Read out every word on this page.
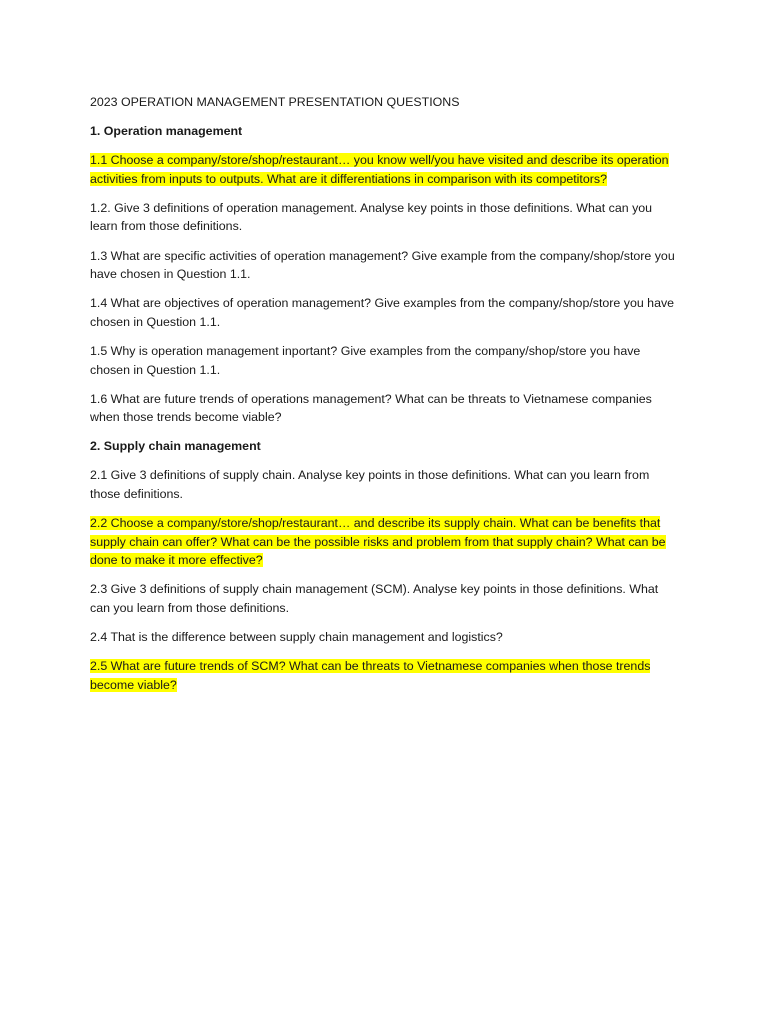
2023 OPERATION MANAGEMENT PRESENTATION QUESTIONS

1. Operation management

1.1 Choose a company/store/shop/restaurant… you know well/you have visited and describe its operation activities from inputs to outputs. What are it differentiations in comparison with its competitors?

1.2. Give 3 definitions of operation management. Analyse key points in those definitions. What can you learn from those definitions.

1.3 What are specific activities of operation management? Give example from the company/shop/store you have chosen in Question 1.1.

1.4 What are objectives of operation management? Give examples from the company/shop/store you have chosen in Question 1.1.

1.5 Why is operation management inportant? Give examples from the company/shop/store you have chosen in Question 1.1.

1.6 What are future trends of operations management? What can be threats to Vietnamese companies when those trends become viable?

2. Supply chain management

2.1 Give 3 definitions of supply chain. Analyse key points in those definitions. What can you learn from those definitions.

2.2 Choose a company/store/shop/restaurant… and describe its supply chain. What can be benefits that supply chain can offer? What can be the possible risks and problem from that supply chain? What can be done to make it more effective?

2.3 Give 3 definitions of supply chain management (SCM). Analyse key points in those definitions. What can you learn from those definitions.

2.4 That is the difference between supply chain management and logistics?

2.5 What are future trends of SCM? What can be threats to Vietnamese companies when those trends become viable?
